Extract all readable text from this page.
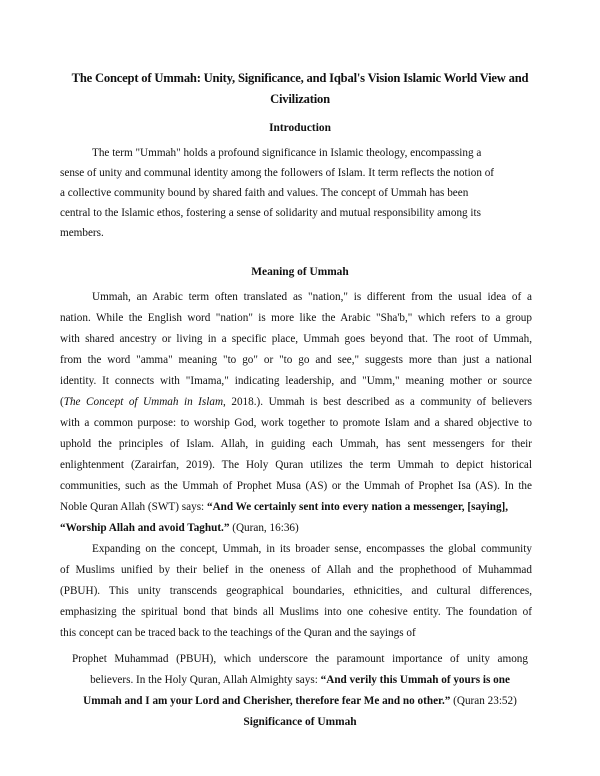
The Concept of Ummah: Unity, Significance, and Iqbal's Vision Islamic World View and Civilization
Introduction
The term "Ummah" holds a profound significance in Islamic theology, encompassing a
sense of unity and communal identity among the followers of Islam. It term reflects the notion of
a collective community bound by shared faith and values. The concept of Ummah has been
central to the Islamic ethos, fostering a sense of solidarity and mutual responsibility among its
members.
Meaning of Ummah
Ummah, an Arabic term often translated as "nation," is different from the usual idea of a
nation. While the English word "nation" is more like the Arabic "Sha'b," which refers to a group
with shared ancestry or living in a specific place, Ummah goes beyond that. The root of Ummah,
from the word "amma" meaning "to go" or "to go and see," suggests more than just a national
identity. It connects with "Imama," indicating leadership, and "Umm," meaning mother or source
(The Concept of Ummah in Islam, 2018.). Ummah is best described as a community of believers
with a common purpose: to worship God, work together to promote Islam and a shared objective to
uphold the principles of Islam. Allah, in guiding each Ummah, has sent messengers for their
enlightenment (Zarairfan, 2019). The Holy Quran utilizes the term Ummah to depict historical
communities, such as the Ummah of Prophet Musa (AS) or the Ummah of Prophet Isa (AS). In the
Noble Quran Allah (SWT) says: “And We certainly sent into every nation a messenger, [saying],
“Worship Allah and avoid Taghut.” (Quran, 16:36)
Expanding on the concept, Ummah, in its broader sense, encompasses the global community
of Muslims unified by their belief in the oneness of Allah and the prophethood of Muhammad
(PBUH). This unity transcends geographical boundaries, ethnicities, and cultural differences,
emphasizing the spiritual bond that binds all Muslims into one cohesive entity. The foundation of
this concept can be traced back to the teachings of the Quran and the sayings of
Prophet Muhammad (PBUH), which underscore the paramount importance of unity among
believers. In the Holy Quran, Allah Almighty says: “And verily this Ummah of yours is one
Ummah and I am your Lord and Cherisher, therefore fear Me and no other.” (Quran 23:52)
Significance of Ummah
